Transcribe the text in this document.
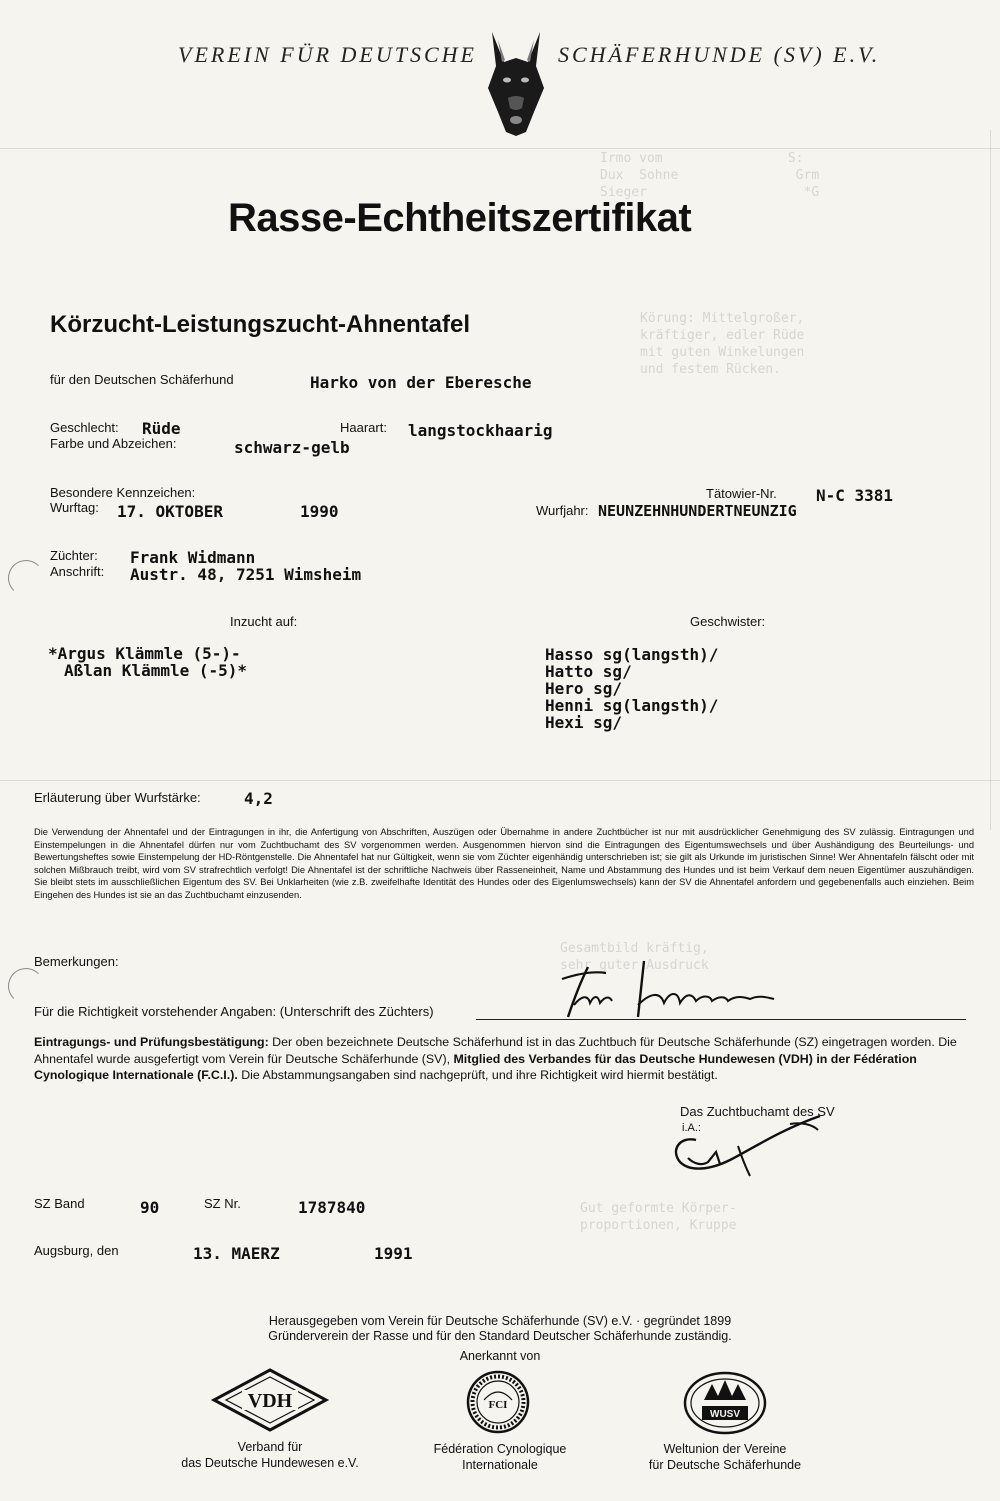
Irmo vom                S:
Dux  Sohne               Grm
Sieger                    *G

Körung: Mittelgroßer,
kräftiger, edler Rüde
mit guten Winkelungen
und festem Rücken.
Gesamtbild kräftig,
sehr guter Ausdruck

Gut geformte Körper-
proportionen, Kruppe
VEREIN FÜR DEUTSCHE	SCHÄFERHUNDE (SV) E.V.
Rasse-Echtheitszertifikat
Körzucht-Leistungszucht-Ahnentafel
für den Deutschen Schäferhund	Harko von der Eberesche
Geschlecht: Rüde	Haarart: langstockhaarig
Farbe und Abzeichen:	schwarz-gelb
Besondere Kennzeichen:	Tätowier-Nr. N-C 3381
Wurftag: 17. OKTOBER	1990	Wurfjahr: NEUNZEHNHUNDERTNEUNZIG
Züchter: Frank Widmann
Anschrift: Austr. 48, 7251 Wimsheim
Inzucht auf:
*Argus Klämmle (5-)-
Aßlan Klämmle (-5)*
Geschwister:
Hasso sg(langsth)/
Hatto sg/
Hero sg/
Henni sg(langsth)/
Hexi sg/
Erläuterung über Wurfstärke:	4,2
Die Verwendung der Ahnentafel und der Eintragungen in ihr, die Anfertigung von Abschriften, Auszügen oder Übernahme in andere Zuchtbücher ist nur mit ausdrücklicher Genehmigung des SV zulässig. Eintragungen und Einstempelungen in die Ahnentafel dürfen nur vom Zuchtbuchamt des SV vorgenommen werden. Ausgenommen hiervon sind die Eintragungen des Eigentumswechsels und über Aushändigung des Beurteilungs- und Bewertungsheftes sowie Einstempelung der HD-Röntgenstelle. Die Ahnentafel hat nur Gültigkeit, wenn sie vom Züchter eigenhändig unterschrieben ist; sie gilt als Urkunde im juristischen Sinne! Wer Ahnentafeln fälscht oder mit solchen Mißbrauch treibt, wird vom SV strafrechtlich verfolgt! Die Ahnentafel ist der schriftliche Nachweis über Rasseneinheit, Name und Abstammung des Hundes und ist beim Verkauf dem neuen Eigentümer auszuhändigen. Sie bleibt stets im ausschließlichen Eigentum des SV. Bei Unklarheiten (wie z.B. zweifelhafte Identität des Hundes oder des Eigenlumswechsels) kann der SV die Ahnentafel anfordern und gegebenenfalls auch einziehen. Beim Eingehen des Hundes ist sie an das Zuchtbuchamt einzusenden.
Bemerkungen:
Für die Richtigkeit vorstehender Angaben: (Unterschrift des Züchters)
Eintragungs- und Prüfungsbestätigung: Der oben bezeichnete Deutsche Schäferhund ist in das Zuchtbuch für Deutsche Schäferhunde (SZ) eingetragen worden. Die Ahnentafel wurde ausgefertigt vom Verein für Deutsche Schäferhunde (SV), Mitglied des Verbandes für das Deutsche Hundewesen (VDH) in der Fédération Cynologique Internationale (F.C.I.). Die Abstammungsangaben sind nachgeprüft, und ihre Richtigkeit wird hiermit bestätigt.
Das Zuchtbuchamt des SV
i.A.:
SZ Band	90	SZ Nr.	1787840
Augsburg, den	13. MAERZ	1991
Herausgegeben vom Verein für Deutsche Schäferhunde (SV) e.V. · gegründet 1899
Gründerverein der Rasse und für den Standard Deutscher Schäferhunde zuständig.
Anerkannt von
VDH
Verband für
das Deutsche Hundewesen e.V.
FCI
Fédération Cynologique
Internationale
WUSV
Weltunion der Vereine
für Deutsche Schäferhunde
